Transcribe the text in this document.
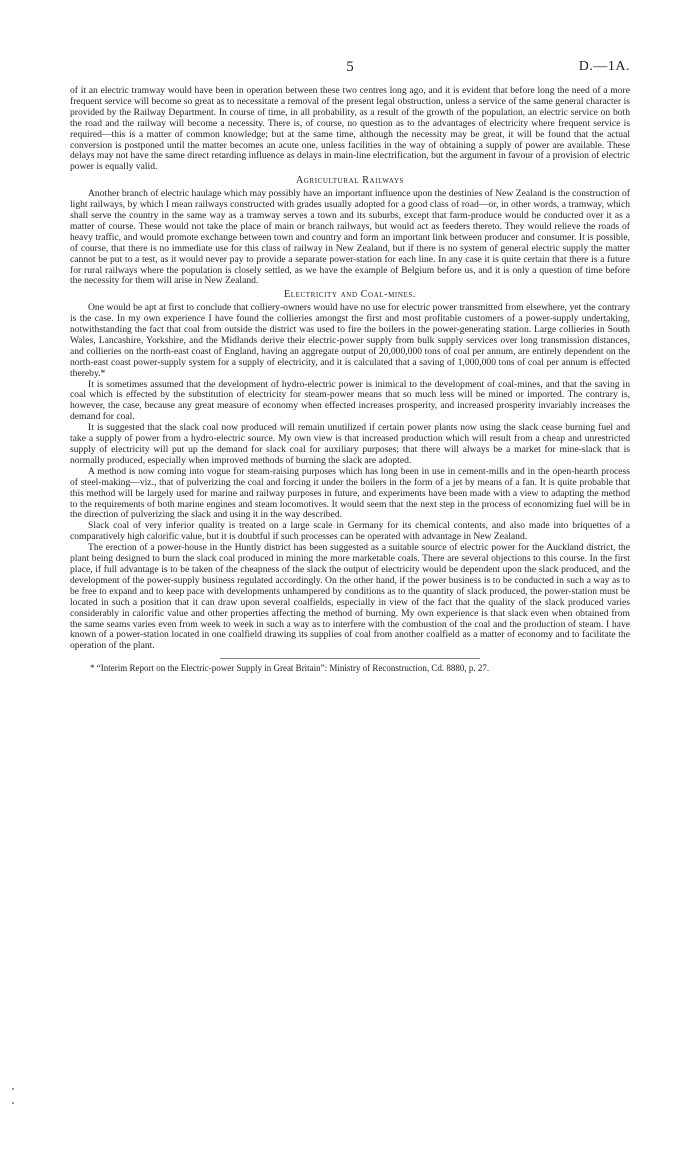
5	D.—1A.

of it an electric tramway would have been in operation between these two centres long ago, and it is evident that before long the need of a more frequent service will become so great as to necessitate a removal of the present legal obstruction, unless a service of the same general character is provided by the Railway Department. In course of time, in all probability, as a result of the growth of the population, an electric service on both the road and the railway will become a necessity. There is, of course, no question as to the advantages of electricity where frequent service is required—this is a matter of common knowledge; but at the same time, although the necessity may be great, it will be found that the actual conversion is postponed until the matter becomes an acute one, unless facilities in the way of obtaining a supply of power are available. These delays may not have the same direct retarding influence as delays in main-line electrification, but the argument in favour of a provision of electric power is equally valid.

Agricultural Railways

Another branch of electric haulage which may possibly have an important influence upon the destinies of New Zealand is the construction of light railways, by which I mean railways constructed with grades usually adopted for a good class of road—or, in other words, a tramway, which shall serve the country in the same way as a tramway serves a town and its suburbs, except that farm-produce would be conducted over it as a matter of course. These would not take the place of main or branch railways, but would act as feeders thereto. They would relieve the roads of heavy traffic, and would promote exchange between town and country and form an important link between producer and consumer. It is possible, of course, that there is no immediate use for this class of railway in New Zealand, but if there is no system of general electric supply the matter cannot be put to a test, as it would never pay to provide a separate power-station for each line. In any case it is quite certain that there is a future for rural railways where the population is closely settled, as we have the example of Belgium before us, and it is only a question of time before the necessity for them will arise in New Zealand.

Electricity and Coal-mines.

One would be apt at first to conclude that colliery-owners would have no use for electric power transmitted from elsewhere, yet the contrary is the case. In my own experience I have found the collieries amongst the first and most profitable customers of a power-supply undertaking, notwithstanding the fact that coal from outside the district was used to fire the boilers in the power-generating station. Large collieries in South Wales, Lancashire, Yorkshire, and the Midlands derive their electric-power supply from bulk supply services over long transmission distances, and collieries on the north-east coast of England, having an aggregate output of 20,000,000 tons of coal per annum, are entirely dependent on the north-east coast power-supply system for a supply of electricity, and it is calculated that a saving of 1,000,000 tons of coal per annum is effected thereby.*

It is sometimes assumed that the development of hydro-electric power is inimical to the development of coal-mines, and that the saving in coal which is effected by the substitution of electricity for steam-power means that so much less will be mined or imported. The contrary is, however, the case, because any great measure of economy when effected increases prosperity, and increased prosperity invariably increases the demand for coal.

It is suggested that the slack coal now produced will remain unutilized if certain power plants now using the slack cease burning fuel and take a supply of power from a hydro-electric source. My own view is that increased production which will result from a cheap and unrestricted supply of electricity will put up the demand for slack coal for auxiliary purposes; that there will always be a market for mine-slack that is normally produced, especially when improved methods of burning the slack are adopted.

A method is now coming into vogue for steam-raising purposes which has long been in use in cement-mills and in the open-hearth process of steel-making—viz., that of pulverizing the coal and forcing it under the boilers in the form of a jet by means of a fan. It is quite probable that this method will be largely used for marine and railway purposes in future, and experiments have been made with a view to adapting the method to the requirements of both marine engines and steam locomotives. It would seem that the next step in the process of economizing fuel will be in the direction of pulverizing the slack and using it in the way described.

Slack coal of very inferior quality is treated on a large scale in Germany for its chemical contents, and also made into briquettes of a comparatively high calorific value, but it is doubtful if such processes can be operated with advantage in New Zealand.

The erection of a power-house in the Huntly district has been suggested as a suitable source of electric power for the Auckland district, the plant being designed to burn the slack coal produced in mining the more marketable coals. There are several objections to this course. In the first place, if full advantage is to be taken of the cheapness of the slack the output of electricity would be dependent upon the slack produced, and the development of the power-supply business regulated accordingly. On the other hand, if the power business is to be conducted in such a way as to be free to expand and to keep pace with developments unhampered by conditions as to the quantity of slack produced, the power-station must be located in such a position that it can draw upon several coalfields, especially in view of the fact that the quality of the slack produced varies considerably in calorific value and other properties affecting the method of burning. My own experience is that slack even when obtained from the same seams varies even from week to week in such a way as to interfere with the combustion of the coal and the production of steam. I have known of a power-station located in one coalfield drawing its supplies of coal from another coalfield as a matter of economy and to facilitate the operation of the plant.

* “Interim Report on the Electric-power Supply in Great Britain”: Ministry of Reconstruction, Cd. 8880, p. 27.
